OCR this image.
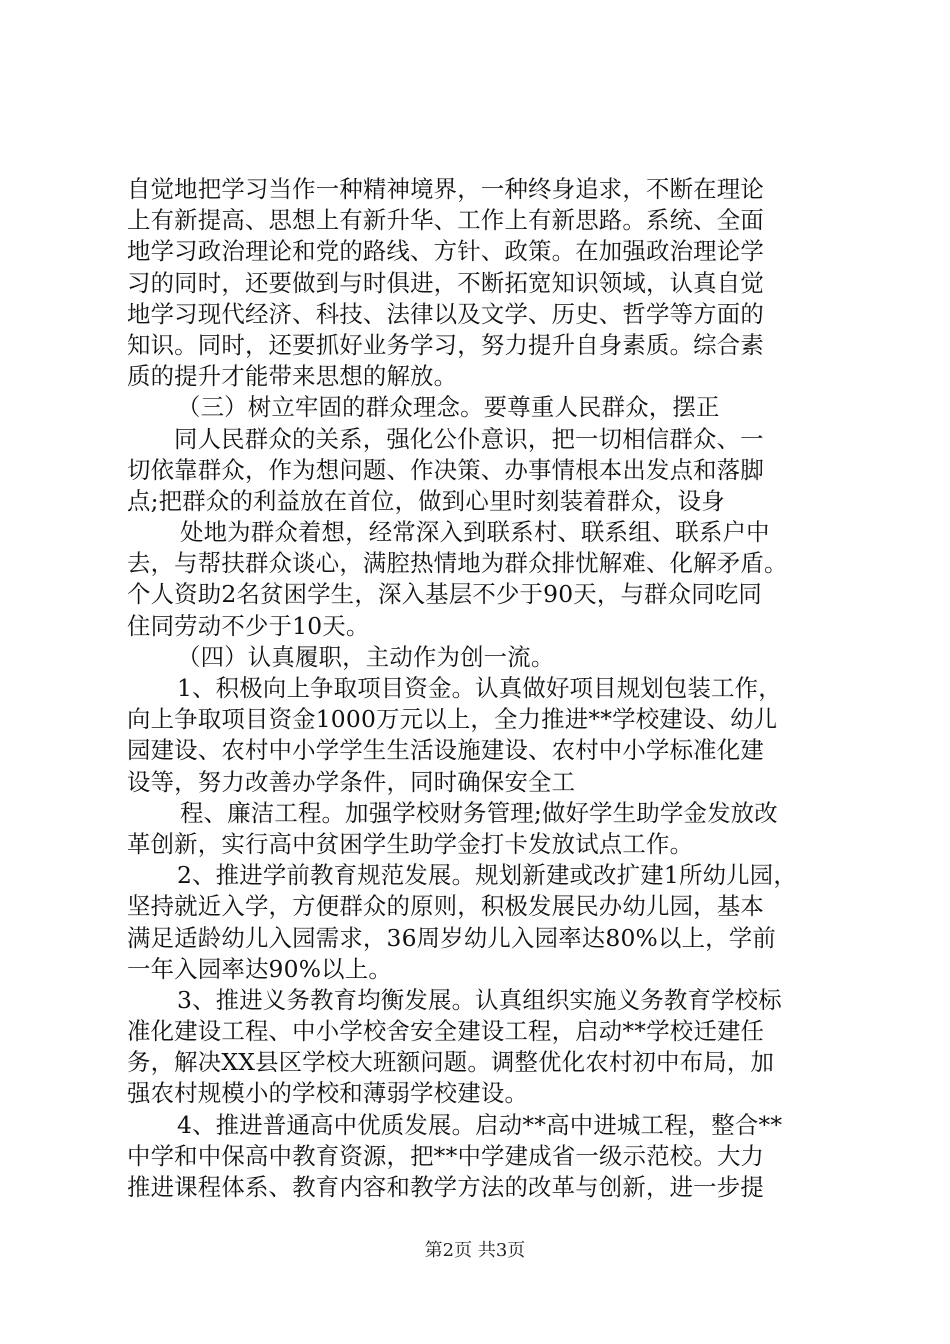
自觉地把学习当作一种精神境界，一种终身追求，不断在理论
上有新提高、思想上有新升华、工作上有新思路。系统、全面
地学习政治理论和党的路线、方针、政策。在加强政治理论学
习的同时，还要做到与时俱进，不断拓宽知识领域，认真自觉
地学习现代经济、科技、法律以及文学、历史、哲学等方面的
知识。同时，还要抓好业务学习，努力提升自身素质。综合素
质的提升才能带来思想的解放。
（三）树立牢固的群众理念。要尊重人民群众，摆正
同人民群众的关系，强化公仆意识，把一切相信群众、一
切依靠群众，作为想问题、作决策、办事情根本出发点和落脚
点;把群众的利益放在首位，做到心里时刻装着群众，设身
处地为群众着想，经常深入到联系村、联系组、联系户中
去，与帮扶群众谈心，满腔热情地为群众排忧解难、化解矛盾。
个人资助2名贫困学生，深入基层不少于90天，与群众同吃同
住同劳动不少于10天。
（四）认真履职，主动作为创一流。
1、积极向上争取项目资金。认真做好项目规划包装工作，
向上争取项目资金1000万元以上，全力推进**学校建设、幼儿
园建设、农村中小学学生生活设施建设、农村中小学标准化建
设等，努力改善办学条件，同时确保安全工
程、廉洁工程。加强学校财务管理;做好学生助学金发放改
革创新，实行高中贫困学生助学金打卡发放试点工作。
2、推进学前教育规范发展。规划新建或改扩建1所幼儿园，
坚持就近入学，方便群众的原则，积极发展民办幼儿园，基本
满足适龄幼儿入园需求，36周岁幼儿入园率达80%以上，学前
一年入园率达90%以上。
3、推进义务教育均衡发展。认真组织实施义务教育学校标
准化建设工程、中小学校舍安全建设工程，启动**学校迁建任
务，解决XX县区学校大班额问题。调整优化农村初中布局，加
强农村规模小的学校和薄弱学校建设。
4、推进普通高中优质发展。启动**高中进城工程，整合**
中学和中保高中教育资源，把**中学建成省一级示范校。大力
推进课程体系、教育内容和教学方法的改革与创新，进一步提
第2页 共3页
